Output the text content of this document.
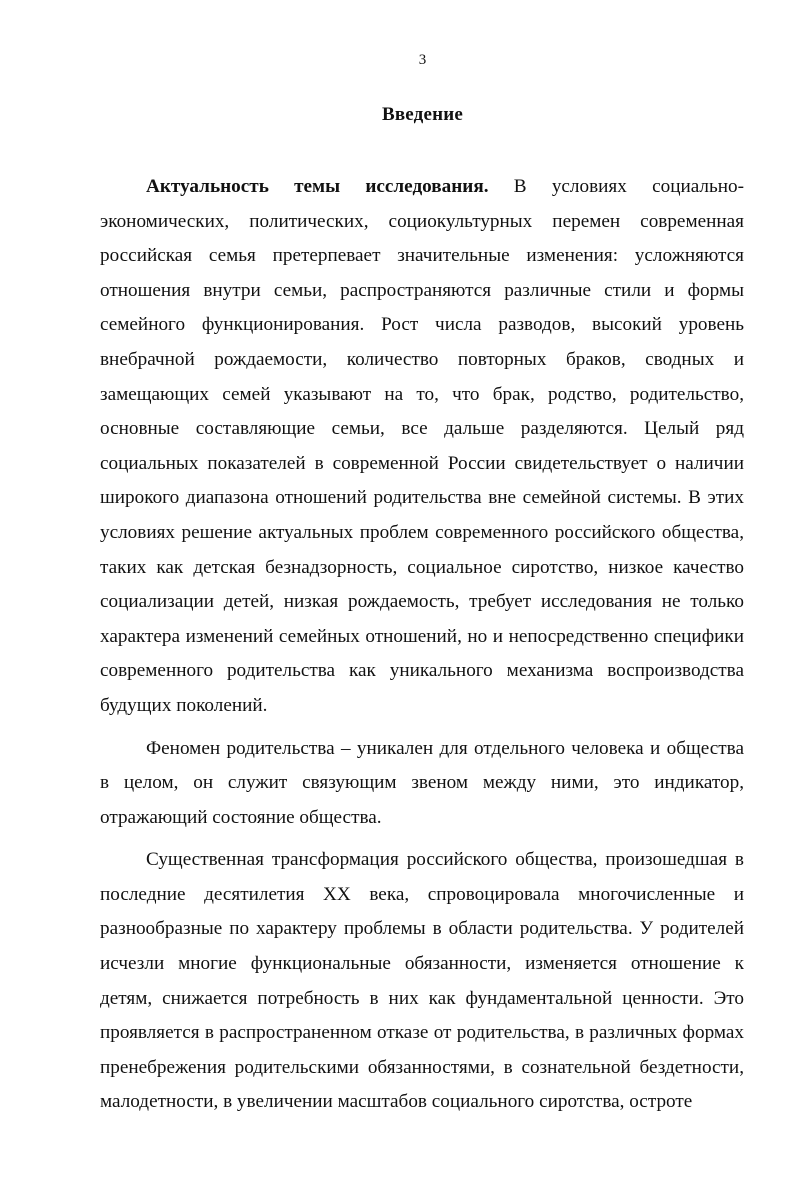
3
Введение

Актуальность темы исследования. В условиях социально-экономических, политических, социокультурных перемен современная российская семья претерпевает значительные изменения: усложняются отношения внутри семьи, распространяются различные стили и формы семейного функционирования. Рост числа разводов, высокий уровень внебрачной рождаемости, количество повторных браков, сводных и замещающих семей указывают на то, что брак, родство, родительство, основные составляющие семьи, все дальше разделяются. Целый ряд социальных показателей в современной России свидетельствует о наличии широкого диапазона отношений родительства вне семейной системы. В этих условиях решение актуальных проблем современного российского общества, таких как детская безнадзорность, социальное сиротство, низкое качество социализации детей, низкая рождаемость, требует исследования не только характера изменений семейных отношений, но и непосредственно специфики современного родительства как уникального механизма воспроизводства будущих поколений.

Феномен родительства – уникален для отдельного человека и общества в целом, он служит связующим звеном между ними, это индикатор, отражающий состояние общества.

Существенная трансформация российского общества, произошедшая в последние десятилетия XX века, спровоцировала многочисленные и разнообразные по характеру проблемы в области родительства. У родителей исчезли многие функциональные обязанности, изменяется отношение к детям, снижается потребность в них как фундаментальной ценности. Это проявляется в распространенном отказе от родительства, в различных формах пренебрежения родительскими обязанностями, в сознательной бездетности, малодетности, в увеличении масштабов социального сиротства, остроте
